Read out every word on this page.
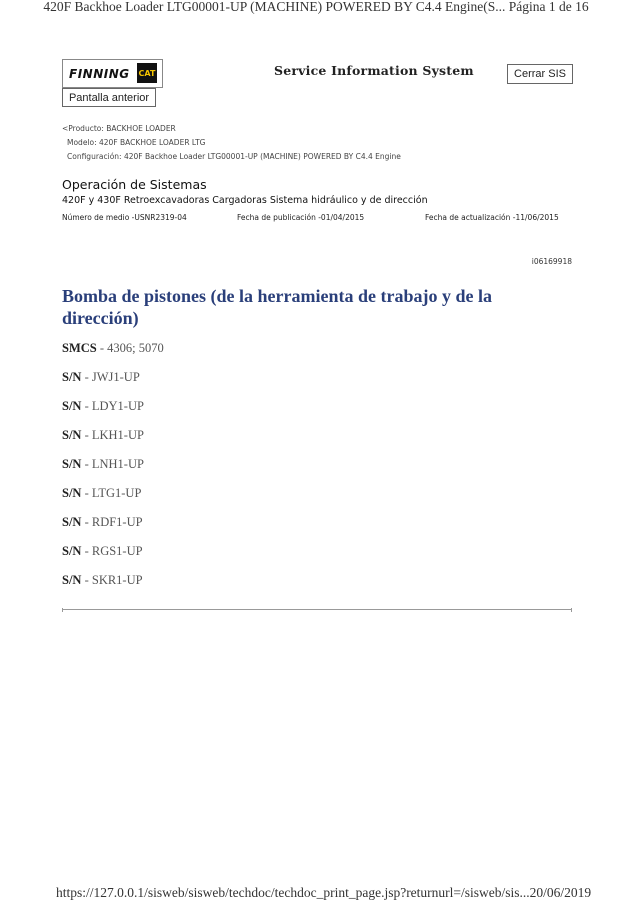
420F Backhoe Loader LTG00001-UP (MACHINE) POWERED BY C4.4 Engine(S... Página 1 de 16
FINNING CAT	Service Information System	Cerrar SIS
Pantalla anterior
<Producto: BACKHOE LOADER
Modelo: 420F BACKHOE LOADER LTG
Configuración: 420F Backhoe Loader LTG00001-UP (MACHINE) POWERED BY C4.4 Engine
Operación de Sistemas
420F y 430F Retroexcavadoras Cargadoras Sistema hidráulico y de dirección
Número de medio -USNR2319-04	Fecha de publicación -01/04/2015	Fecha de actualización -11/06/2015
i06169918
Bomba de pistones (de la herramienta de trabajo y de la dirección)
SMCS - 4306; 5070
S/N - JWJ1-UP
S/N - LDY1-UP
S/N - LKH1-UP
S/N - LNH1-UP
S/N - LTG1-UP
S/N - RDF1-UP
S/N - RGS1-UP
S/N - SKR1-UP
https://127.0.0.1/sisweb/sisweb/techdoc/techdoc_print_page.jsp?returnurl=/sisweb/sis... 20/06/2019
